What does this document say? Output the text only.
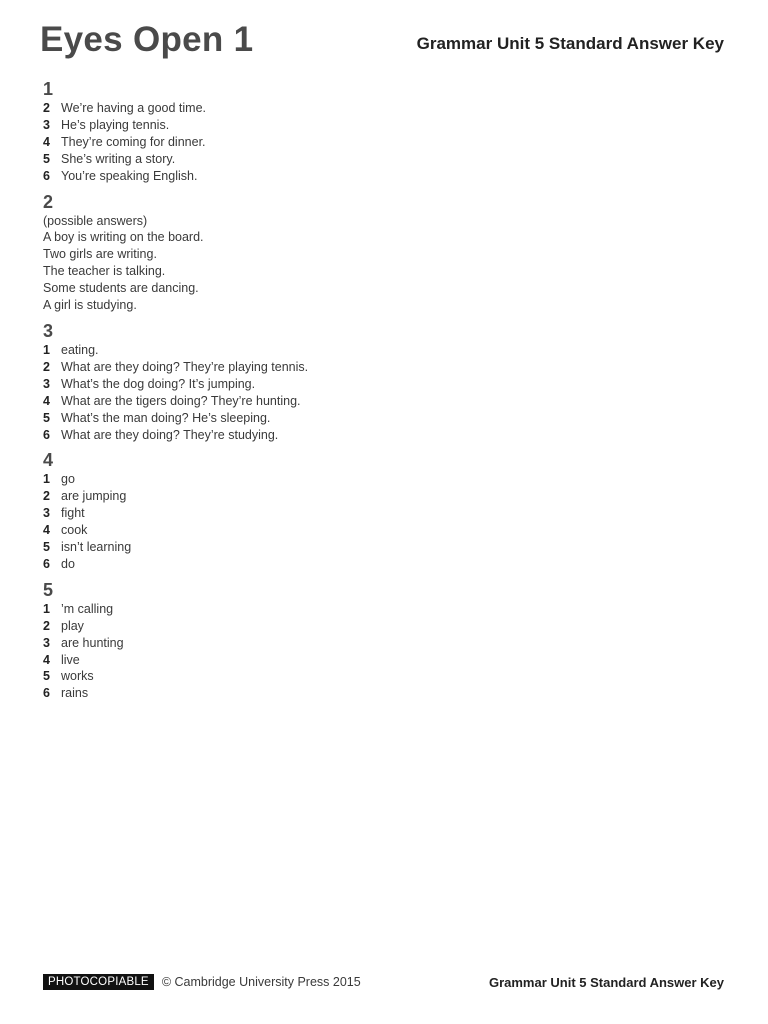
Eyes Open 1	Grammar Unit 5 Standard Answer Key
1
2 We’re having a good time.
3 He’s playing tennis.
4 They’re coming for dinner.
5 She’s writing a story.
6 You’re speaking English.
2
(possible answers)
A boy is writing on the board.
Two girls are writing.
The teacher is talking.
Some students are dancing.
A girl is studying.
3
1 eating.
2 What are they doing? They’re playing tennis.
3 What’s the dog doing? It’s jumping.
4 What are the tigers doing? They’re hunting.
5 What’s the man doing? He’s sleeping.
6 What are they doing? They’re studying.
4
1 go
2 are jumping
3 fight
4 cook
5 isn’t learning
6 do
5
1 ’m calling
2 play
3 are hunting
4 live
5 works
6 rains
PHOTOCOPIABLE	© Cambridge University Press 2015	Grammar Unit 5 Standard Answer Key
